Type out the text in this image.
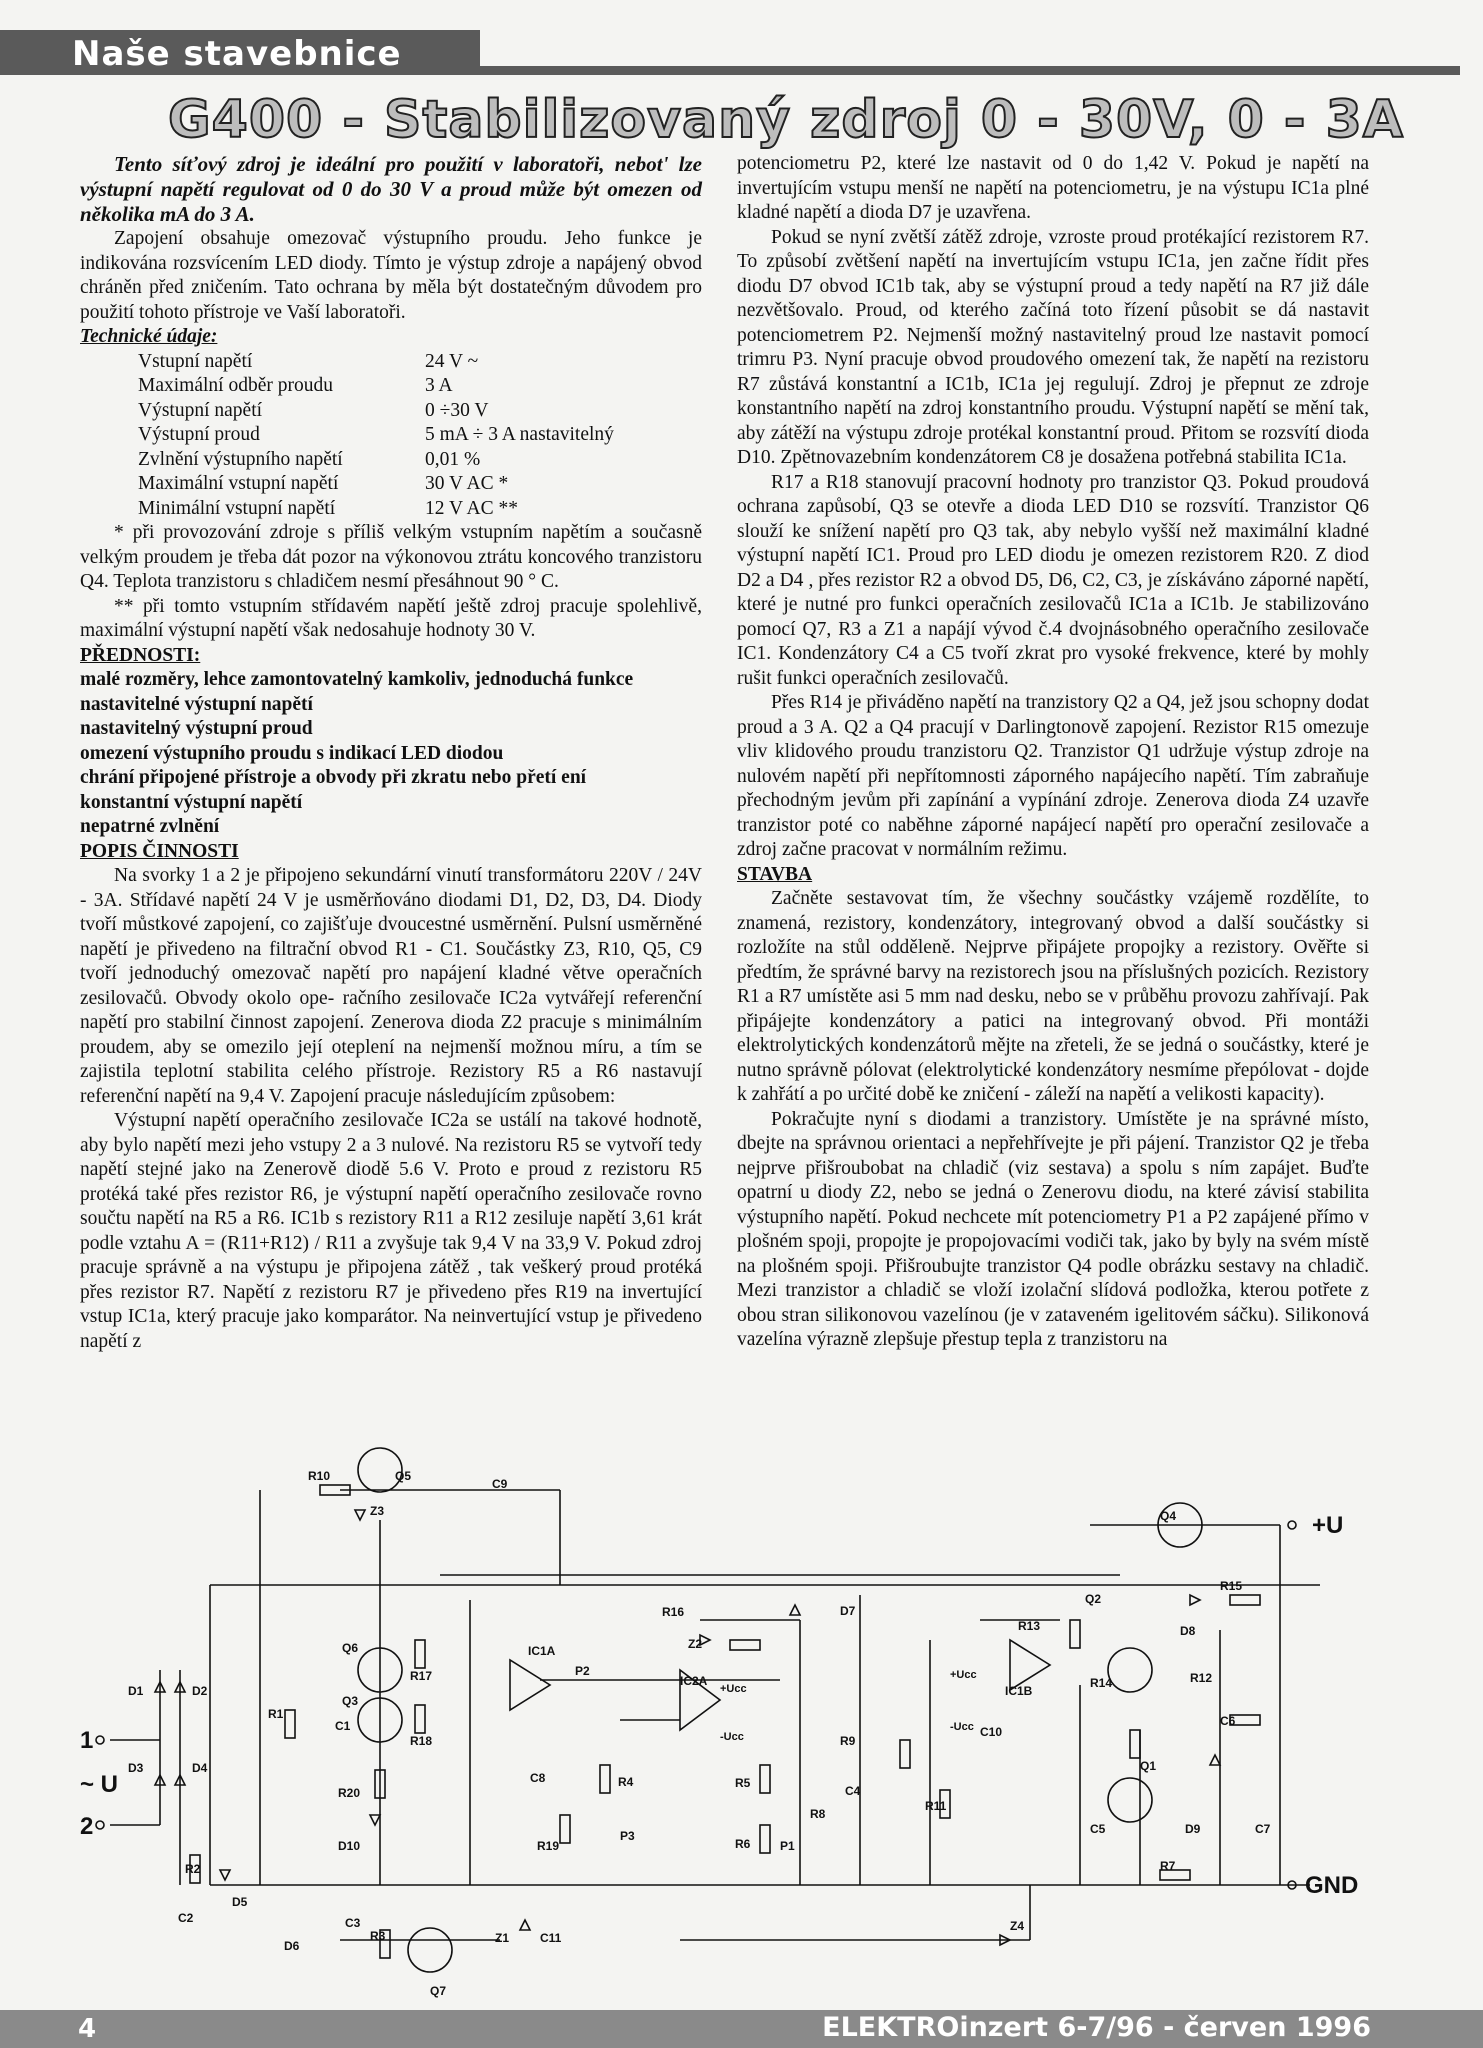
Naše stavebnice
G400 - Stabilizovaný zdroj 0 - 30V, 0 - 3A

Tento síťový zdroj je ideální pro použití v laboratoři, nebot' lze výstupní napětí regulovat od 0 do 30 V a proud může být omezen od několika mA do 3 A.

Zapojení obsahuje omezovač výstupního proudu. Jeho funkce je indikována rozsvícením LED diody. Tímto je výstup zdroje a napájený obvod chráněn před zničením. Tato ochrana by měla být dostatečným důvodem pro použití tohoto přístroje ve Vaší laboratoři.

Technické údaje:

Vstupní napětí	24 V ~
Maximální odběr proudu	3 A
Výstupní napětí	0 ÷30 V
Výstupní proud	5 mA ÷ 3 A nastavitelný
Zvlnění výstupního napětí	0,01 %
Maximální vstupní napětí	30 V AC *
Minimální vstupní napětí	12 V AC **

* při provozování zdroje s příliš velkým vstupním napětím a současně velkým proudem je třeba dát pozor na výkonovou ztrátu koncového tranzistoru Q4. Teplota tranzistoru s chladičem nesmí přesáhnout 90 ° C.

** při tomto vstupním střídavém napětí ještě zdroj pracuje spolehlivě, maximální výstupní napětí však nedosahuje hodnoty 30 V.

PŘEDNOSTI:

malé rozměry, lehce zamontovatelný kamkoliv, jednoduchá funkce
nastavitelné výstupní napětí
nastavitelný výstupní proud
omezení výstupního proudu s indikací LED diodou
chrání připojené přístroje a obvody při zkratu nebo přetí ení
konstantní výstupní napětí
nepatrné zvlnění

POPIS ČINNOSTI

Na svorky 1 a 2 je připojeno sekundární vinutí transformátoru 220V / 24V - 3A. Střídavé napětí 24 V je usměrňováno diodami D1, D2, D3, D4. Diody tvoří můstkové zapojení, co zajišťuje dvoucestné usměrnění. Pulsní usměrněné napětí je přivedeno na filtrační obvod R1 - C1. Součástky Z3, R10, Q5, C9 tvoří jednoduchý omezovač napětí pro napájení kladné větve operačních zesilovačů. Obvody okolo ope- račního zesilovače IC2a vytvářejí referenční napětí pro stabilní činnost zapojení. Zenerova dioda Z2 pracuje s minimálním proudem, aby se omezilo její oteplení na nejmenší možnou míru, a tím se zajistila teplotní stabilita celého přístroje. Rezistory R5 a R6 nastavují referenční napětí na 9,4 V. Zapojení pracuje následujícím způsobem:

Výstupní napětí operačního zesilovače IC2a se ustálí na takové hodnotě, aby bylo napětí mezi jeho vstupy 2 a 3 nulové. Na rezistoru R5 se vytvoří tedy napětí stejné jako na Zenerově diodě 5.6 V. Proto e proud z rezistoru R5 protéká také přes rezistor R6, je výstupní napětí operačního zesilovače rovno součtu napětí na R5 a R6. IC1b s rezistory R11 a R12 zesiluje napětí 3,61 krát podle vztahu A = (R11+R12) / R11 a zvyšuje tak 9,4 V na 33,9 V. Pokud zdroj pracuje správně a na výstupu je připojena zátěž , tak veškerý proud protéká přes rezistor R7. Napětí z rezistoru R7 je přivedeno přes R19 na invertující vstup IC1a, který pracuje jako komparátor. Na neinvertující vstup je přivedeno napětí z

potenciometru P2, které lze nastavit od 0 do 1,42 V. Pokud je napětí na invertujícím vstupu menší ne napětí na potenciometru, je na výstupu IC1a plné kladné napětí a dioda D7 je uzavřena.

Pokud se nyní zvětší zátěž zdroje, vzroste proud protékající rezistorem R7. To způsobí zvětšení napětí na invertujícím vstupu IC1a, jen začne řídit přes diodu D7 obvod IC1b tak, aby se výstupní proud a tedy napětí na R7 již dále nezvětšovalo. Proud, od kterého začíná toto řízení působit se dá nastavit potenciometrem P2. Nejmenší možný nastavitelný proud lze nastavit pomocí trimru P3. Nyní pracuje obvod proudového omezení tak, že napětí na rezistoru R7 zůstává konstantní a IC1b, IC1a jej regulují. Zdroj je přepnut ze zdroje konstantního napětí na zdroj konstantního proudu. Výstupní napětí se mění tak, aby zátěží na výstupu zdroje protékal konstantní proud. Přitom se rozsvítí dioda D10. Zpětnovazebním kondenzátorem C8 je dosažena potřebná stabilita IC1a.

R17 a R18 stanovují pracovní hodnoty pro tranzistor Q3. Pokud proudová ochrana zapůsobí, Q3 se otevře a dioda LED D10 se rozsvítí. Tranzistor Q6 slouží ke snížení napětí pro Q3 tak, aby nebylo vyšší než maximální kladné výstupní napětí IC1. Proud pro LED diodu je omezen rezistorem R20. Z diod D2 a D4 , přes rezistor R2 a obvod D5, D6, C2, C3, je získáváno záporné napětí, které je nutné pro funkci operačních zesilovačů IC1a a IC1b. Je stabilizováno pomocí Q7, R3 a Z1 a napájí vývod č.4 dvojnásobného operačního zesilovače IC1. Kondenzátory C4 a C5 tvoří zkrat pro vysoké frekvence, které by mohly rušit funkci operačních zesilovačů.

Přes R14 je přiváděno napětí na tranzistory Q2 a Q4, jež jsou schopny dodat proud a 3 A. Q2 a Q4 pracují v Darlingtonově zapojení. Rezistor R15 omezuje vliv klidového proudu tranzistoru Q2. Tranzistor Q1 udržuje výstup zdroje na nulovém napětí při nepřítomnosti záporného napájecího napětí. Tím zabraňuje přechodným jevům při zapínání a vypínání zdroje. Zenerova dioda Z4 uzavře tranzistor poté co naběhne záporné napájecí napětí pro operační zesilovače a zdroj začne pracovat v normálním režimu.

STAVBA

Začněte sestavovat tím, že všechny součástky vzájemě rozdělíte, to znamená, rezistory, kondenzátory, integrovaný obvod a další součástky si rozložíte na stůl odděleně. Nejprve připájete propojky a rezistory. Ověřte si předtím, že správné barvy na rezistorech jsou na příslušných pozicích. Rezistory R1 a R7 umístěte asi 5 mm nad desku, nebo se v průběhu provozu zahřívají. Pak připájejte kondenzátory a patici na integrovaný obvod. Při montáži elektrolytických kondenzátorů mějte na zřeteli, že se jedná o součástky, které je nutno správně pólovat (elektrolytické kondenzátory nesmíme přepólovat - dojde k zahřátí a po určité době ke zničení - záleží na napětí a velikosti kapacity).

Pokračujte nyní s diodami a tranzistory. Umístěte je na správné místo, dbejte na správnou orientaci a nepřehřívejte je při pájení. Tranzistor Q2 je třeba nejprve přišroubobat na chladič (viz sestava) a spolu s ním zapájet. Buďte opatrní u diody Z2, nebo se jedná o Zenerovu diodu, na které závisí stabilita výstupního napětí. Pokud nechcete mít potenciometry P1 a P2 zapájené přímo v plošném spoji, propojte je propojovacími vodiči tak, jako by byly na svém místě na plošném spoji. Přišroubujte tranzistor Q4 podle obrázku sestavy na chladič. Mezi tranzistor a chladič se vloží izolační slídová podložka, kterou potřete z obou stran silikonovou vazelínou (je v zataveném igelitovém sáčku). Silikonová vazelína výrazně zlepšuje přestup tepla z tranzistoru na

Q5
R10
C9
Z3
Q6
Q3
R17
R18
R20
D10
C1
R1
D1	D2
D3	D4
R2
C2
D5
D6
C3
R3
Q7
Z1	C11
IC1A
C8
R19
R16
Z2
IC2A
P2
P3
R4	R5
R6 P1
R8
C4
D7
R9
R11
IC1B
C10
R13
Q2
Q4
R15
D8
R14	R12
C6
Q1
C5	D9	C7
R7
Z4
+Ucc
-Ucc
+Ucc
-Ucc
1
2
~ U
+U
GND
4	ELEKTROinzert 6-7/96 - červen 1996
